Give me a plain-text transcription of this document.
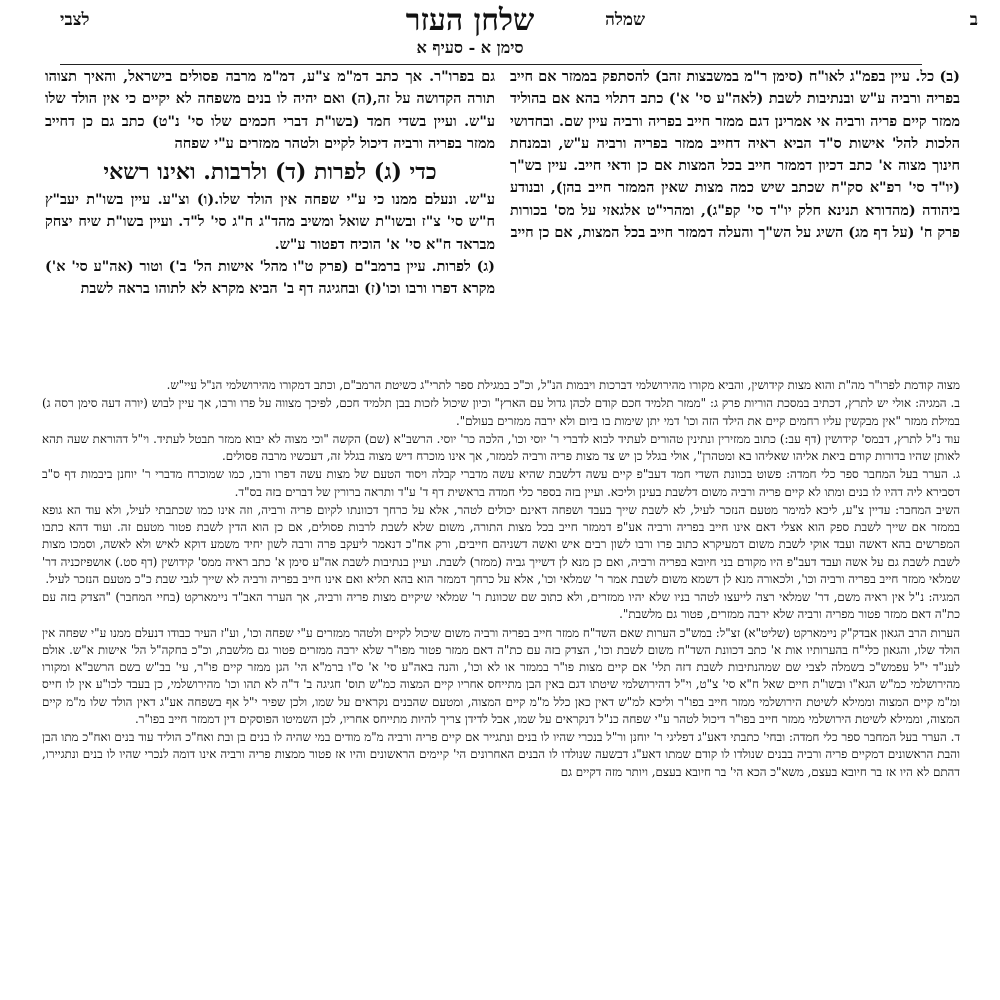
ב
שמלה
שלחן העזר
סימן א - סעיף א
לצבי

(ב) כל. עיין בפמ"ג לאו"ח (סימן ר"מ במשבצות זהב) להסתפק בממזר אם חייב בפריה ורביה ע"ש ובנתיבות לשבת (לאה"ע סי' א') כתב דתלוי בהא אם בהוליד ממזר קיים פריה ורביה אי אמרינן דגם ממזר חייב בפריה ורביה עיין שם. ובחדושי הלכות להל' אישות ס"ד הביא ראיה דחייב ממזר בפריה ורביה ע"ש, ובמנחת חינוך מצוה א' כתב דכיון דממזר חייב בכל המצות אם כן ודאי חייב. עיין בש"ך (יו"ד סי' רפ"א סק"ח שכתב שיש כמה מצות שאין הממזר חייב בהן), ובנודע ביהודה (מהדורא תנינא חלק יו"ד סי' קפ"ג), ומהרי"ט אלגאזי על מס' בכורות פרק ח' (על דף מג) השיג על הש"ך והעלה דממזר חייב בכל המצות, אם כן חייב

גם בפרו"ר. אך כתב דמ"מ צ"ע, דמ"מ מרבה פסולים בישראל, והאיך תצוהו תורה הקדושה על זה,(ה) ואם יהיה לו בנים משפחה לא יקיים כי אין הולד שלו ע"ש. ועיין בשדי חמד (בשו"ת דברי חכמים שלו סי' נ"ט) כתב גם כן דחייב ממזר בפריה ורביה דיכול לקיים ולטהר ממזרים ע"י שפחה

כדי (ג) לפרות (ד) ולרבות. ואינו רשאי

ע"ש. ונעלם ממנו כי ע"י שפחה אין הולד שלו.(ו) וצ"ע. עיין בשו"ת יעב"ץ ח"ש סי' צ"ז ובשו"ת שואל ומשיב מהד"ג ח"ג סי' ל"ד. ועיין בשו"ת שיח יצחק מבראד ח"א סי' א' הוכיח דפטור ע"ש.

(ג) לפרות. עיין ברמב"ם (פרק ט"ו מהל' אישות הל' ב') וטור (אה"ע סי' א') מקרא דפרו ורבו וכו'(ז) ובחגיגה דף ב' הביא מקרא לא לתוהו בראה לשבת

מצוה קודמת לפרו"ר מה"ת והוא מצות קידושין, והביא מקורו מהירושלמי דברכות ויבמות הנ"ל, וכ"כ במגילת ספר לתרי"ג כשיטת הרמב"ם, וכתב דמקורו מהירושלמי הנ"ל עיי"ש.

ב. המגיה: אולי יש לתרץ, דכתיב במסכת הוריות פרק ג: "ממזר תלמיד חכם קודם לכהן גדול עם הארץ" וכיון שיכול לזכות בבן תלמיד חכם, לפיכך מצווה על פרו ורבו, אך עיין לבוש (יורה דעה סימן רסה ג) במילת ממזר "אין מבקשין עליו רחמים קיים את הילד הזה וכו' דמי יתן שימות בו ביום ולא ירבה ממזרים בעולם".

עוד נ"ל לתרץ, דבמס' קידושין (דף עב:) כתוב ממזירין ונתינין טהורים לעתיד לבוא לדברי ר' יוסי וכו', הלכה כר' יוסי. הרשב"א (שם) הקשה "וכי מצוה לא יבוא ממזר תבטל לעתיד. וי"ל דהוראת שעה תהא לאותן שהיו בדורות קודם ביאת אליהו שאליהו בא ומטהרן", אולי בגלל כן יש צד מצות פריה ורביה לממזר, אך אינו מוכרח דיש מצוה בגלל זה, דעכשיו מרבה פסולים.

ג. הערר בעל המחבר ספר כלי חמדה: פשוט בכוונת השדי חמד דעב"פ קיים עשה דלשבת שהיא עשה מדברי קבלה ויסוד הטעם של מצות עשה דפרו ורבו, כמו שמוכרח מדברי ר' יוחנן ביבמות דף ס"ב דסבירא ליה דהיו לו בנים ומתו לא קיים פריה ורביה משום דלשבת בעינן וליכא. ועיין בזה בספר כלי חמדה בראשית דף ד' ע"ד ותראה ברורין של דברים בזה בס"ד.

השיב המחבר: עדיין צ"ע, ליכא למימר מטעם הנזכר לעיל, לא לשבת שייך בעבד ושפחה דאינם יכולים לטהר, אלא על כרחך דכוונתו לקיום פריה ורביה, וזה אינו כמו שכתבתי לעיל, ולא עוד הא גופא בממזר אם שייך לשבת ספק הוא אצלי דאם אינו חייב בפריה ורביה אע"פ דממזר חייב בכל מצות התורה, משום שלא לשבת לרבות פסולים, אם כן הוא הדין לשבת פטור מטעם זה. ועוד דהא כתבו המפרשים בהא דאשה ועבד אוקי לשבת משום דמעיקרא כתוב פרו ורבו לשון רבים איש ואשה דשניהם חייבים, ורק אח"כ דנאמר ליעקב פרה ורבה לשון יחיד משמע דוקא לאיש ולא לאשה, וסמכו מצות לשבת לשבת גם על אשה ועבד דעב"פ היו מקודם בני חיובא בפריה ורביה, ואם כן מנא לן דשייך גביה (ממזר) לשבת. ועיין בנתיבות לשבת אה"ע סימן א' כתב ראיה ממס' קידושין (דף סט.) אושפיזכניה דר' שמלאי ממזר חייב בפריה ורביה וכו', ולכאורה מנא לן דשמא משום לשבת אמר ר' שמלאי וכו', אלא על כרחך דממזר הוא בהא תליא ואם אינו חייב בפריה ורביה לא שייך לגבי שבת כ"כ מטעם הנזכר לעיל.

המגיה: נ"ל אין ראיה משם, דר' שמלאי רצה לייעצו לטהר בניו שלא יהיו ממזרים, ולא כתוב שם שכוונת ר' שמלאי שיקיים מצות פריה ורביה, אך הערר האב"ד ניימארקט (בחיי המחבר) "הצדק בזה עם כת"ה דאם ממזר פטור מפריה ורביה שלא ירבה ממזרים, פטור גם מלשבת".

הערות הרב הגאון אבדק"ק ניימארקט (שליט"א) זצ"ל: במש"כ הערות שאם השד"ח ממזר חייב בפריה ורביה משום שיכול לקיים ולטהר ממזרים ע"י שפחה וכו', וע"ז העיר כבודו דנעלם ממנו ע"י שפחה אין הולד שלו, והגאון כלי"ח בהערותיו אות א' כתב דכוונת השד"ח משום לשבת וכו', הצדק בזה עם כת"ה דאם ממזר פטור מפו"ר שלא ירבה ממזרים פטור גם מלשבת, וכ"כ בחקה"ל הל' אישות א"ש. אולם לענ"ד י"ל עפמש"כ בשמלה לצבי שם שמהנתיבות לשבת דזה תלי' אם קיים מצות פו"ר בממזר או לא וכו', והנה באה"ע סי' א' ס"ו ברמ"א הי' הגן ממזר קיים פו"ר, עי' בב"ש בשם הרשב"א ומקורו מהירושלמי כמ"ש הגא"ו ובשו"ת חיים שאל ח"א סי' צ"ט, וי"ל דהירושלמי שיטתו דגם באין הבן מתייחס אחריו קיים המצוה כמ"ש תוס' חגיגה ב' ד"ה לא תהו וכו' מהירושלמי, כן בעבד לכו"ע אין לו חייס ומ"מ קיים המצוה וממילא לשיטת הירושלמי ממזר חייב בפו"ר וליכא למ"ש דאין כאן כלל מ"מ קיים המצוה, ומטעם שהבנים נקראים על שמו, ולכן שפיר י"ל אף בשפחה אע"ג דאין הולד שלו מ"מ קיים המצוה, וממילא לשיטת הירושלמי ממזר חייב בפו"ר דיכול לטהר ע"י שפחה כנ"ל דנקראים על שמו, אבל לדידן צריך להיות מתייחס אחריו, לכן השמיטו הפוסקים דין דממזר חייב בפו"ר.

ד. הערר בעל המחבר ספר כלי חמדה: ובחי' כתבתי דאע"ג דפליגי ר' יוחנן ור"ל בנכרי שהיו לו בנים ונתגייר אם קיים פריה ורביה מ"מ מודים במי שהיה לו בנים בן ובת ואח"כ הוליד עוד בנים ואח"כ מתו הבן והבת הראשונים דמקיים פריה ורביה בבנים שנולדו לו קודם שמתו דאע"ג דבשעה שנולדו לו הבנים האחרונים הי' קיימים הראשונים והיו אז פטור ממצות פריה ורביה אינו דומה לנכרי שהיו לו בנים ונתגיירו, דהתם לא היו אז בר חיובא בעצם, משא"כ הכא הי' בר חיובא בעצם, ויותר מזה דקיים גם
